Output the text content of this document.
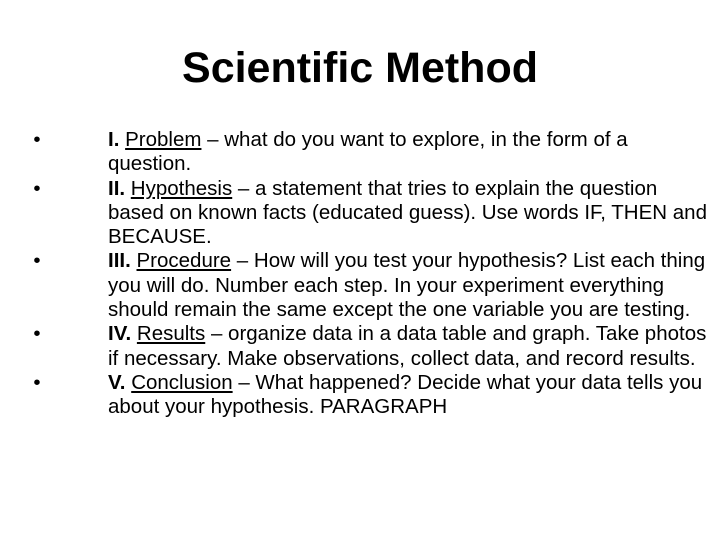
Scientific Method
•	I. Problem – what do you want to explore, in the form of a question.
•	II. Hypothesis – a statement that tries to explain the question based on known facts (educated guess). Use words IF, THEN and BECAUSE.
•	III. Procedure – How will you test your hypothesis? List each thing you will do. Number each step. In your experiment everything should remain the same except the one variable you are testing.
•	IV. Results – organize data in a data table and graph. Take photos if necessary. Make observations, collect data, and record results.
•	V. Conclusion – What happened? Decide what your data tells you about your hypothesis. PARAGRAPH
